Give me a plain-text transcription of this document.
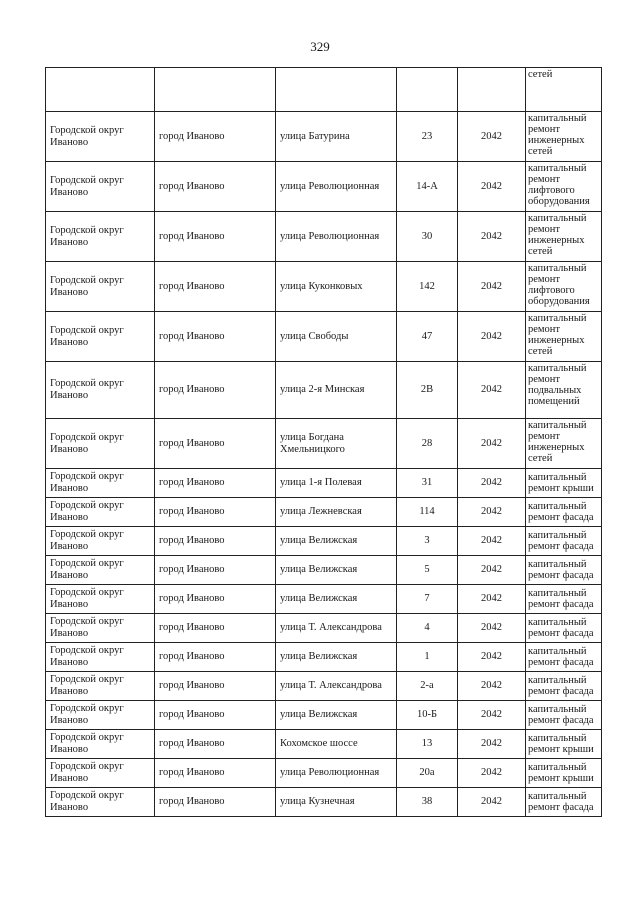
329
					сетей
Городской округ Иваново	город Иваново	улица Батурина	23	2042	капитальный ремонт инженерных сетей
Городской округ Иваново	город Иваново	улица Революционная	14-А	2042	капитальный ремонт лифтового оборудования
Городской округ Иваново	город Иваново	улица Революционная	30	2042	капитальный ремонт инженерных сетей
Городской округ Иваново	город Иваново	улица Куконковых	142	2042	капитальный ремонт лифтового оборудования
Городской округ Иваново	город Иваново	улица Свободы	47	2042	капитальный ремонт инженерных сетей
Городской округ Иваново	город Иваново	улица 2-я Минская	2В	2042	капитальный ремонт подвальных помещений
Городской округ Иваново	город Иваново	улица Богдана Хмельницкого	28	2042	капитальный ремонт инженерных сетей
Городской округ Иваново	город Иваново	улица 1-я Полевая	31	2042	капитальный ремонт крыши
Городской округ Иваново	город Иваново	улица Лежневская	114	2042	капитальный ремонт фасада
Городской округ Иваново	город Иваново	улица Велижская	3	2042	капитальный ремонт фасада
Городской округ Иваново	город Иваново	улица Велижская	5	2042	капитальный ремонт фасада
Городской округ Иваново	город Иваново	улица Велижская	7	2042	капитальный ремонт фасада
Городской округ Иваново	город Иваново	улица Т. Александрова	4	2042	капитальный ремонт фасада
Городской округ Иваново	город Иваново	улица Велижская	1	2042	капитальный ремонт фасада
Городской округ Иваново	город Иваново	улица Т. Александрова	2-а	2042	капитальный ремонт фасада
Городской округ Иваново	город Иваново	улица Велижская	10-Б	2042	капитальный ремонт фасада
Городской округ Иваново	город Иваново	Кохомское шоссе	13	2042	капитальный ремонт крыши
Городской округ Иваново	город Иваново	улица Революционная	20а	2042	капитальный ремонт крыши
Городской округ Иваново	город Иваново	улица Кузнечная	38	2042	капитальный ремонт фасада
